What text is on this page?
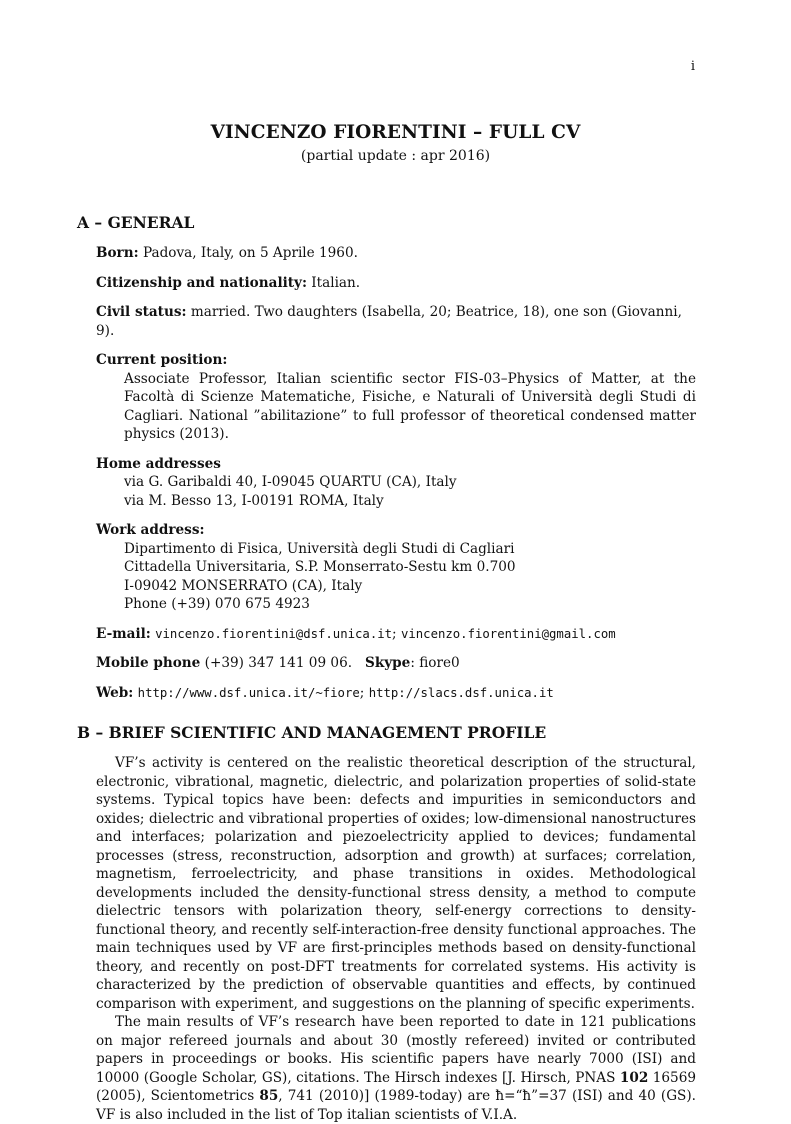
i
VINCENZO FIORENTINI – FULL CV
(partial update : apr 2016)
A – GENERAL
Born: Padova, Italy, on 5 Aprile 1960.
Citizenship and nationality: Italian.
Civil status: married. Two daughters (Isabella, 20; Beatrice, 18), one son (Giovanni, 9).
Current position:
Associate Professor, Italian scientific sector FIS-03–Physics of Matter, at the Facoltà di Scienze Matematiche, Fisiche, e Naturali of Università degli Studi di Cagliari. National ”abilitazione” to full professor of theoretical condensed matter physics (2013).
Home addresses
via G. Garibaldi 40, I-09045 QUARTU (CA), Italy
via M. Besso 13, I-00191 ROMA, Italy
Work address:
Dipartimento di Fisica, Università degli Studi di Cagliari
Cittadella Universitaria, S.P. Monserrato-Sestu km 0.700
I-09042 MONSERRATO (CA), Italy
Phone (+39) 070 675 4923
E-mail: vincenzo.fiorentini@dsf.unica.it; vincenzo.fiorentini@gmail.com
Mobile phone (+39) 347 141 09 06. Skype: fiore0
Web: http://www.dsf.unica.it/~fiore; http://slacs.dsf.unica.it
B – BRIEF SCIENTIFIC AND MANAGEMENT PROFILE

VF’s activity is centered on the realistic theoretical description of the structural, electronic, vibrational, magnetic, dielectric, and polarization properties of solid-state systems. Typical topics have been: defects and impurities in semiconductors and oxides; dielectric and vibrational properties of oxides; low-dimensional nanostructures and interfaces; polarization and piezoelectricity applied to devices; fundamental processes (stress, reconstruction, adsorption and growth) at surfaces; correlation, magnetism, ferroelectricity, and phase transitions in oxides. Methodological developments included the density-functional stress density, a method to compute dielectric tensors with polarization theory, self-energy corrections to density-functional theory, and recently self-interaction-free density functional approaches. The main techniques used by VF are first-principles methods based on density-functional theory, and recently on post-DFT treatments for correlated systems. His activity is characterized by the prediction of observable quantities and effects, by continued comparison with experiment, and suggestions on the planning of specific experiments.

The main results of VF’s research have been reported to date in 121 publications on major refereed journals and about 30 (mostly refereed) invited or contributed papers in proceedings or books. His scientific papers have nearly 7000 (ISI) and 10000 (Google Scholar, GS), citations. The Hirsch indexes [J. Hirsch, PNAS 102 16569 (2005), Scientometrics 85, 741 (2010)] (1989-today) are ħ=“ħ”=37 (ISI) and 40 (GS). VF is also included in the list of Top italian scientists of V.I.A.
